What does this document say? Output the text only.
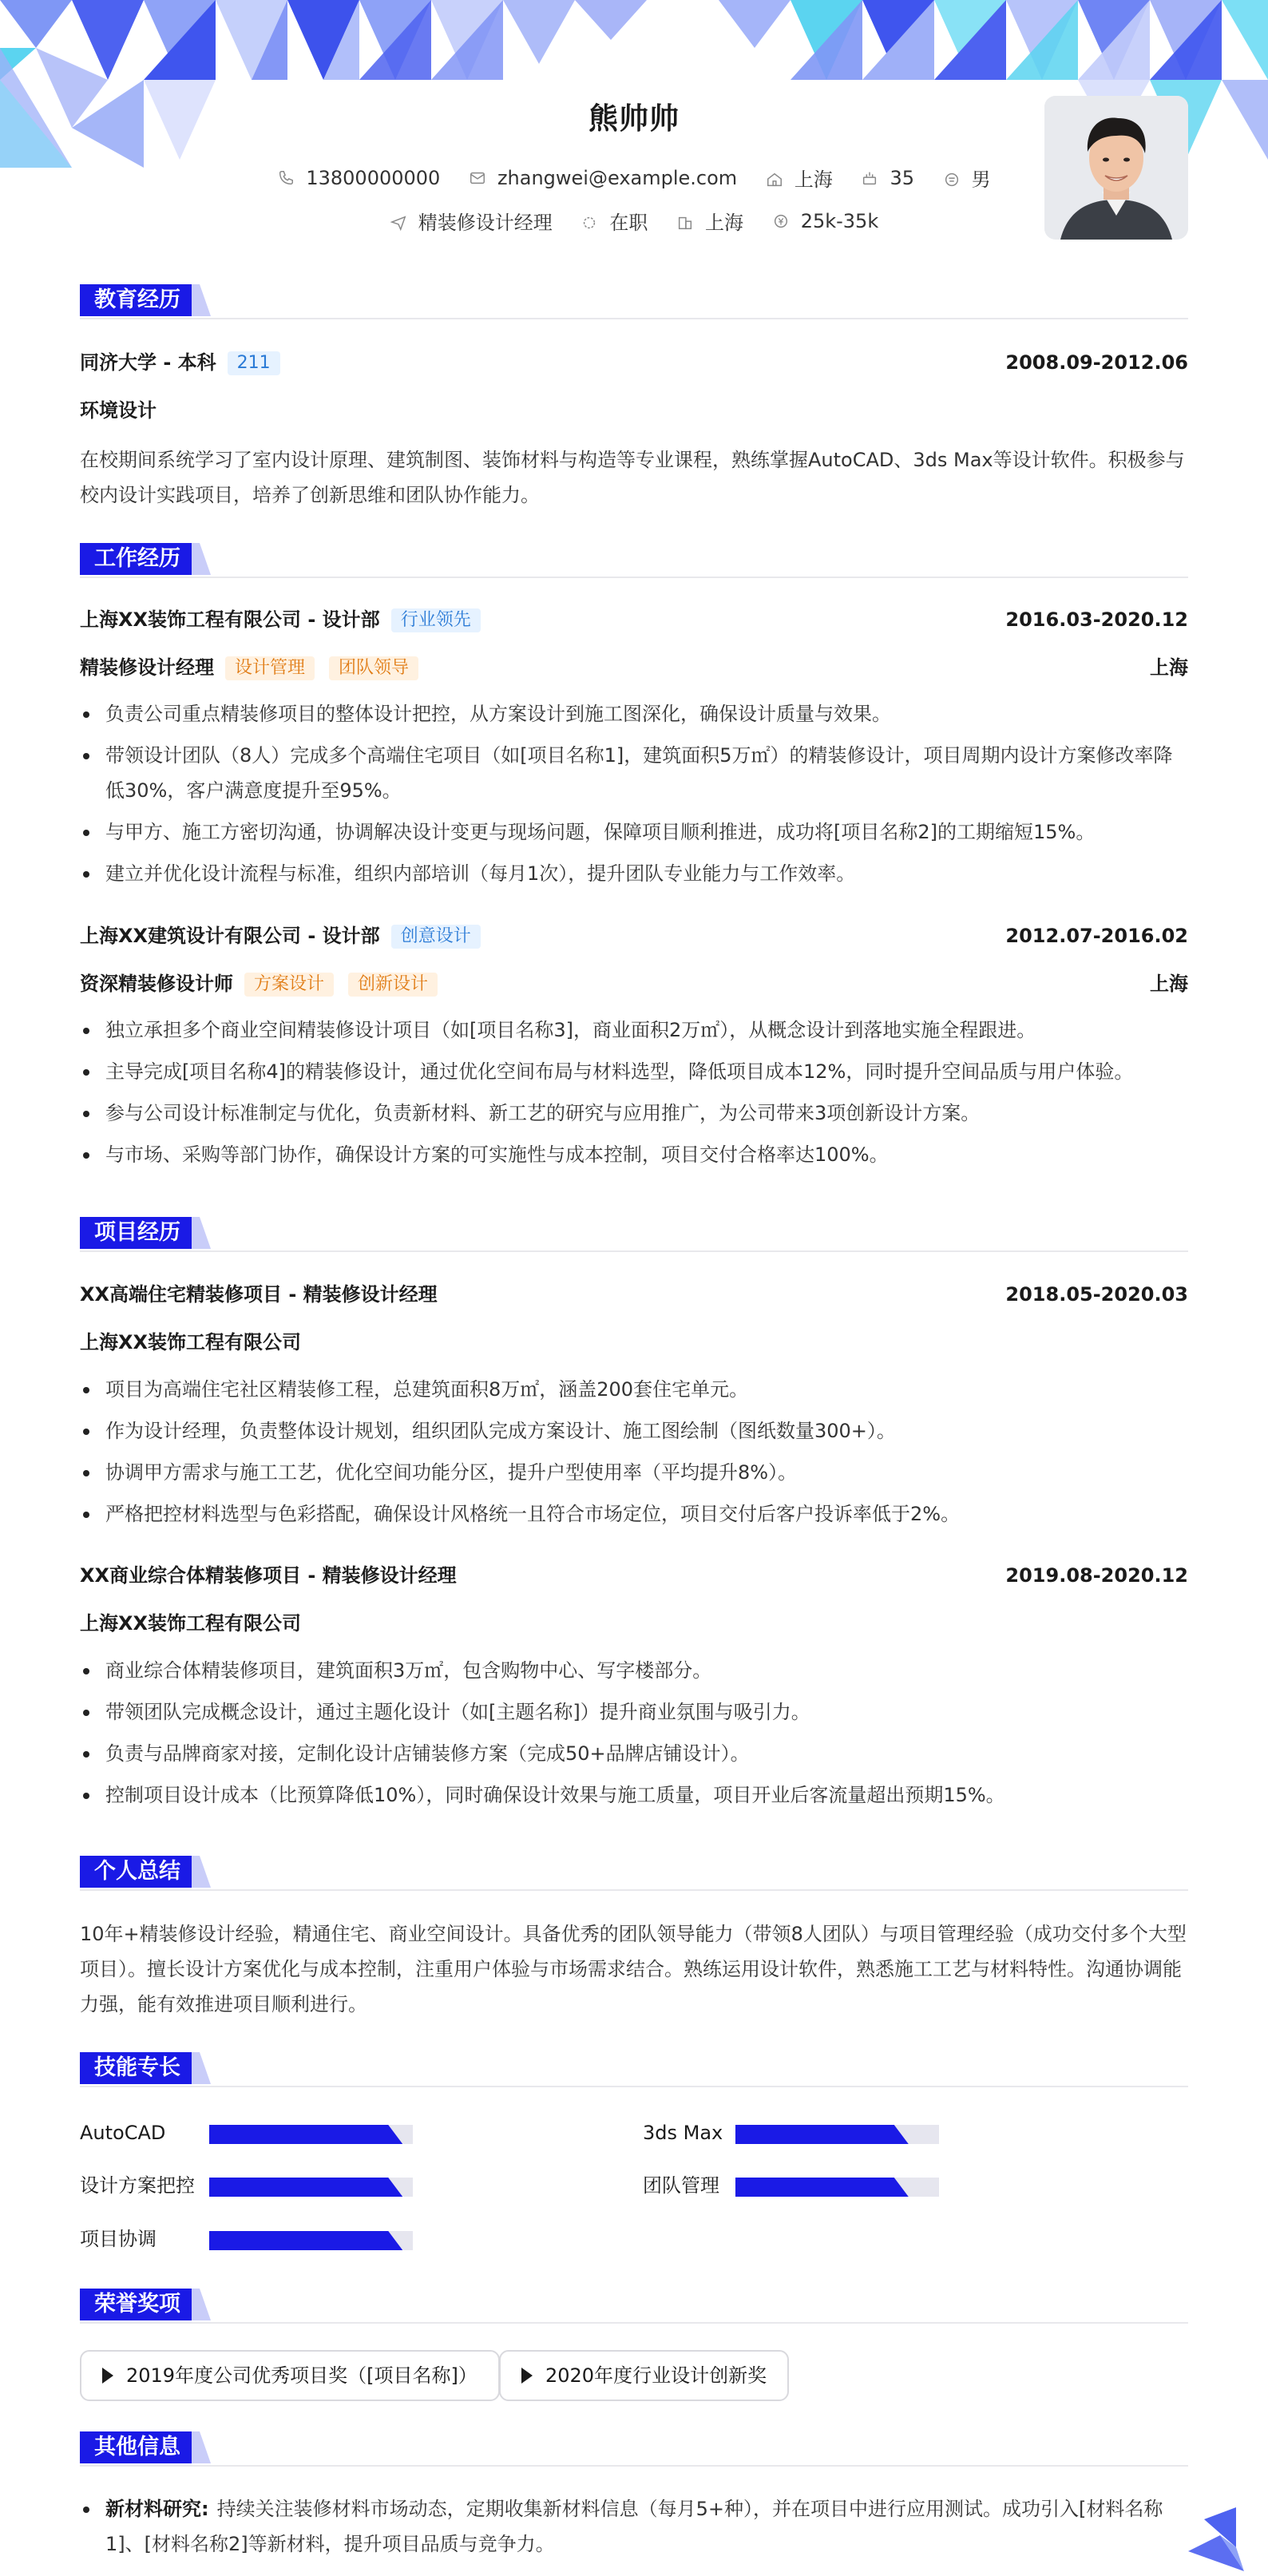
熊帅帅
13800000000	zhangwei@example.com	上海	35	男
精装修设计经理	在职	上海	25k-35k
教育经历
同济大学 - 本科 211	2008.09-2012.06
环境设计
在校期间系统学习了室内设计原理、建筑制图、装饰材料与构造等专业课程，熟练掌握AutoCAD、3ds Max等设计软件。积极参与校内设计实践项目，培养了创新思维和团队协作能力。
工作经历
上海XX装饰工程有限公司 - 设计部 行业领先	2016.03-2020.12
精装修设计经理 设计管理 团队领导	上海
负责公司重点精装修项目的整体设计把控，从方案设计到施工图深化，确保设计质量与效果。
带领设计团队（8人）完成多个高端住宅项目（如[项目名称1]，建筑面积5万㎡）的精装修设计，项目周期内设计方案修改率降低30%，客户满意度提升至95%。
与甲方、施工方密切沟通，协调解决设计变更与现场问题，保障项目顺利推进，成功将[项目名称2]的工期缩短15%。
建立并优化设计流程与标准，组织内部培训（每月1次），提升团队专业能力与工作效率。
上海XX建筑设计有限公司 - 设计部 创意设计	2012.07-2016.02
资深精装修设计师 方案设计 创新设计	上海
独立承担多个商业空间精装修设计项目（如[项目名称3]，商业面积2万㎡），从概念设计到落地实施全程跟进。
主导完成[项目名称4]的精装修设计，通过优化空间布局与材料选型，降低项目成本12%，同时提升空间品质与用户体验。
参与公司设计标准制定与优化，负责新材料、新工艺的研究与应用推广，为公司带来3项创新设计方案。
与市场、采购等部门协作，确保设计方案的可实施性与成本控制，项目交付合格率达100%。
项目经历
XX高端住宅精装修项目 - 精装修设计经理	2018.05-2020.03
上海XX装饰工程有限公司
项目为高端住宅社区精装修工程，总建筑面积8万㎡，涵盖200套住宅单元。
作为设计经理，负责整体设计规划，组织团队完成方案设计、施工图绘制（图纸数量300+）。
协调甲方需求与施工工艺，优化空间功能分区，提升户型使用率（平均提升8%）。
严格把控材料选型与色彩搭配，确保设计风格统一且符合市场定位，项目交付后客户投诉率低于2%。
XX商业综合体精装修项目 - 精装修设计经理	2019.08-2020.12
上海XX装饰工程有限公司
商业综合体精装修项目，建筑面积3万㎡，包含购物中心、写字楼部分。
带领团队完成概念设计，通过主题化设计（如[主题名称]）提升商业氛围与吸引力。
负责与品牌商家对接，定制化设计店铺装修方案（完成50+品牌店铺设计）。
控制项目设计成本（比预算降低10%），同时确保设计效果与施工质量，项目开业后客流量超出预期15%。
个人总结
10年+精装修设计经验，精通住宅、商业空间设计。具备优秀的团队领导能力（带领8人团队）与项目管理经验（成功交付多个大型项目）。擅长设计方案优化与成本控制，注重用户体验与市场需求结合。熟练运用设计软件，熟悉施工工艺与材料特性。沟通协调能力强，能有效推进项目顺利进行。
技能专长
AutoCAD	3ds Max
设计方案把控	团队管理
项目协调
荣誉奖项
2019年度公司优秀项目奖（[项目名称]）	2020年度行业设计创新奖
其他信息
新材料研究: 持续关注装修材料市场动态，定期收集新材料信息（每月5+种），并在项目中进行应用测试。成功引入[材料名称1]、[材料名称2]等新材料，提升项目品质与竞争力。
